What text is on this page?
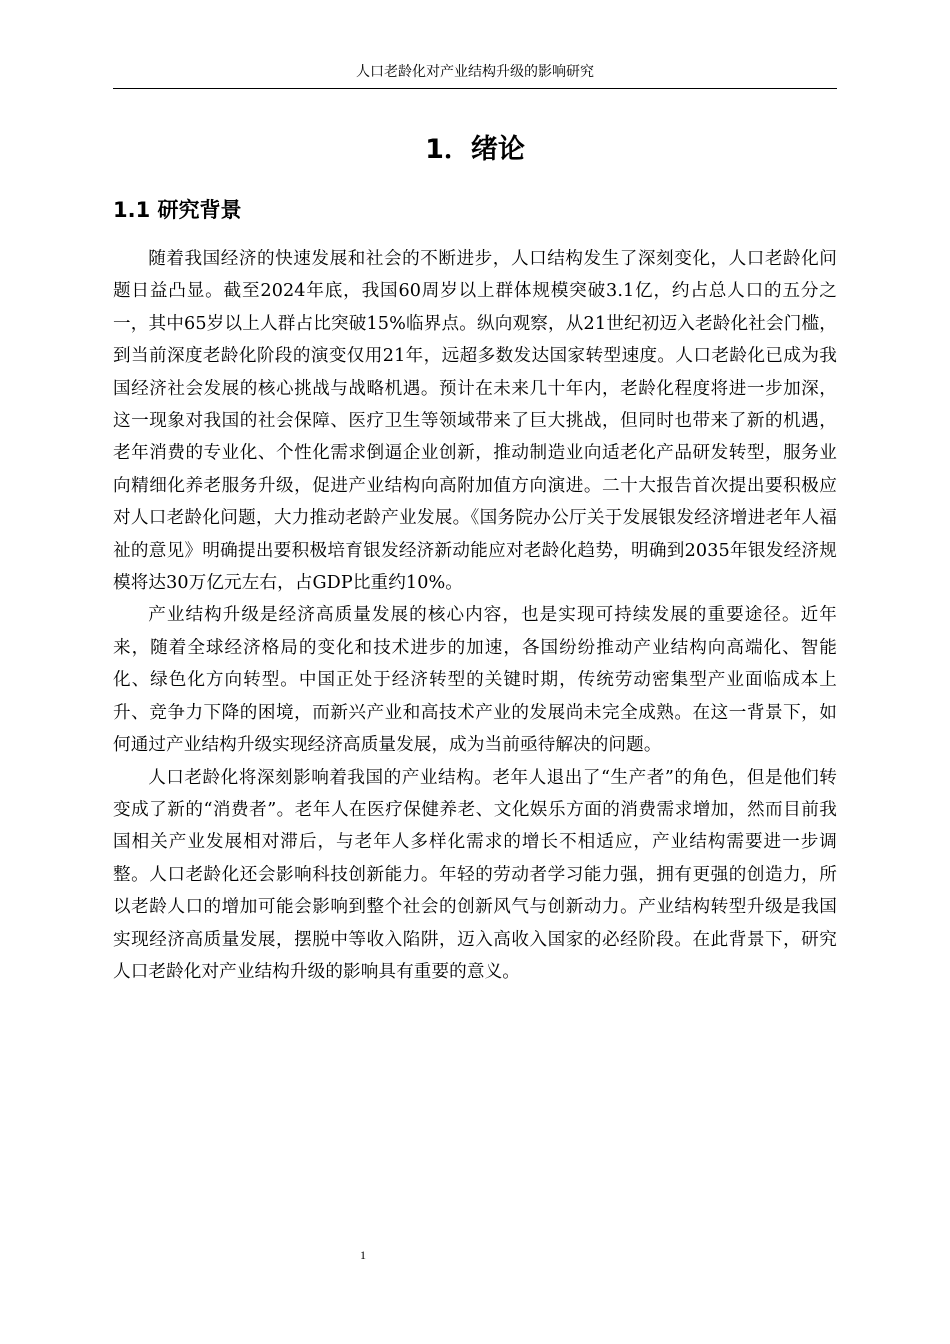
人口老龄化对产业结构升级的影响研究
1．绪论
1.1 研究背景

随着我国经济的快速发展和社会的不断进步，人口结构发生了深刻变化，人口老龄化问题日益凸显。截至2024年底，我国60周岁以上群体规模突破3.1亿，约占总人口的五分之一，其中65岁以上人群占比突破15%临界点。纵向观察，从21世纪初迈入老龄化社会门槛，到当前深度老龄化阶段的演变仅用21年，远超多数发达国家转型速度。人口老龄化已成为我国经济社会发展的核心挑战与战略机遇。预计在未来几十年内，老龄化程度将进一步加深，这一现象对我国的社会保障、医疗卫生等领域带来了巨大挑战，但同时也带来了新的机遇，老年消费的专业化、个性化需求倒逼企业创新，推动制造业向适老化产品研发转型，服务业向精细化养老服务升级，促进产业结构向高附加值方向演进。二十大报告首次提出要积极应对人口老龄化问题，大力推动老龄产业发展。《国务院办公厅关于发展银发经济增进老年人福祉的意见》明确提出要积极培育银发经济新动能应对老龄化趋势，明确到2035年银发经济规模将达30万亿元左右，占GDP比重约10%。

产业结构升级是经济高质量发展的核心内容，也是实现可持续发展的重要途径。近年来，随着全球经济格局的变化和技术进步的加速，各国纷纷推动产业结构向高端化、智能化、绿色化方向转型。中国正处于经济转型的关键时期，传统劳动密集型产业面临成本上升、竞争力下降的困境，而新兴产业和高技术产业的发展尚未完全成熟。在这一背景下，如何通过产业结构升级实现经济高质量发展，成为当前亟待解决的问题。

人口老龄化将深刻影响着我国的产业结构。老年人退出了“生产者”的角色，但是他们转变成了新的“消费者”。老年人在医疗保健养老、文化娱乐方面的消费需求增加，然而目前我国相关产业发展相对滞后，与老年人多样化需求的增长不相适应，产业结构需要进一步调整。人口老龄化还会影响科技创新能力。年轻的劳动者学习能力强，拥有更强的创造力，所以老龄人口的增加可能会影响到整个社会的创新风气与创新动力。产业结构转型升级是我国实现经济高质量发展，摆脱中等收入陷阱，迈入高收入国家的必经阶段。在此背景下，研究人口老龄化对产业结构升级的影响具有重要的意义。

1
